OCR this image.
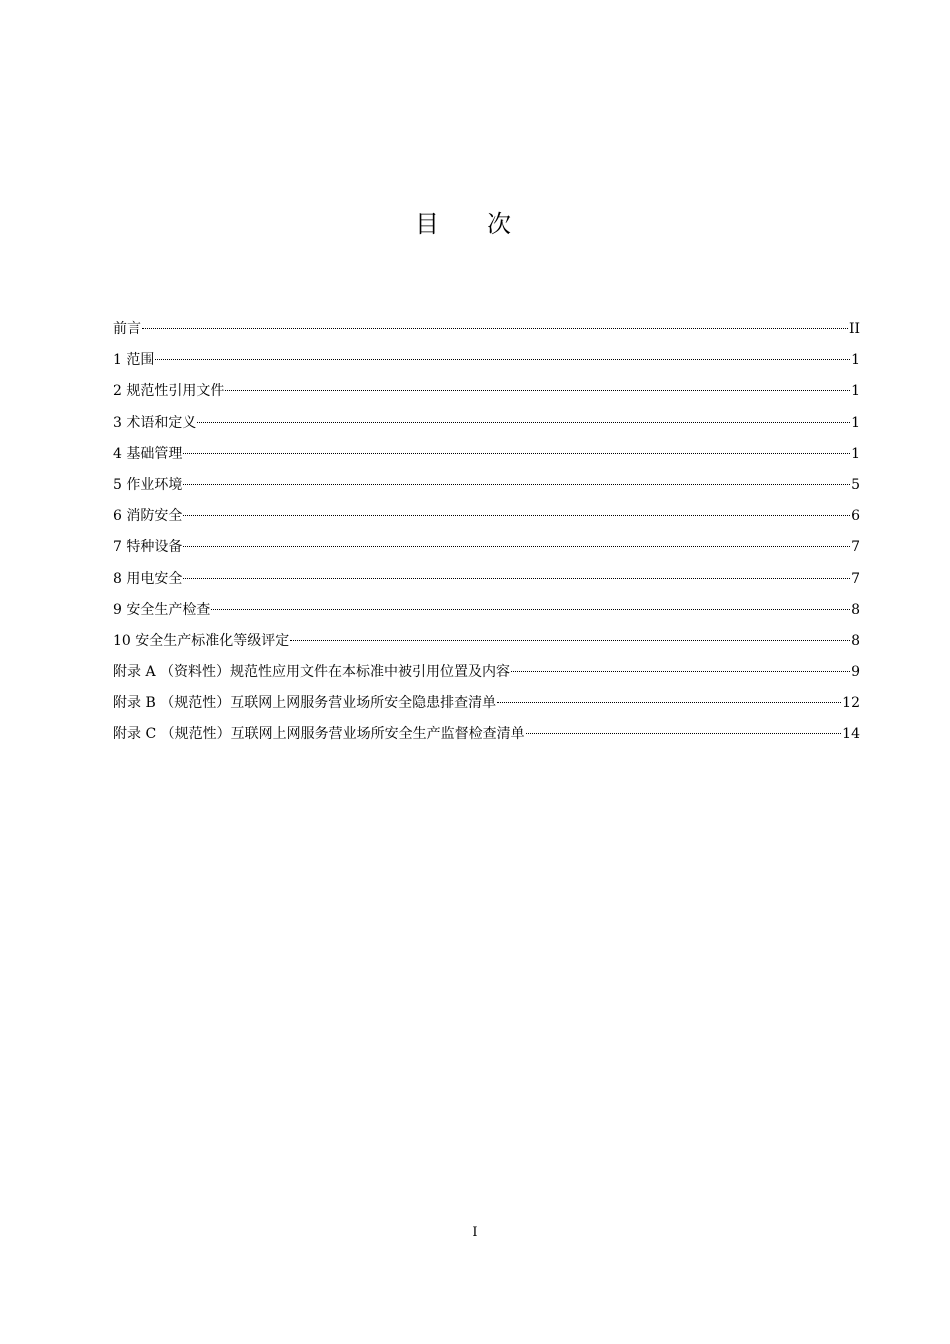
目次
前言	II
1 范围	1
2 规范性引用文件	1
3 术语和定义	1
4 基础管理	1
5 作业环境	5
6 消防安全	6
7 特种设备	7
8 用电安全	7
9 安全生产检查	8
10 安全生产标准化等级评定	8
附录 A （资料性）规范性应用文件在本标准中被引用位置及内容	9
附录 B （规范性）互联网上网服务营业场所安全隐患排查清单	12
附录 C （规范性）互联网上网服务营业场所安全生产监督检查清单	14
I
